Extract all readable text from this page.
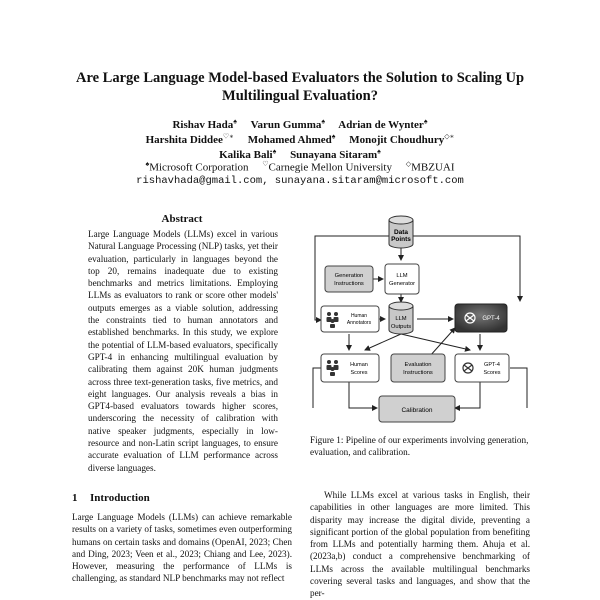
Are Large Language Model-based Evaluators the Solution to Scaling Up
Multilingual Evaluation?
Rishav Hada♠ Varun Gumma♠ Adrian de Wynter♠
Harshita Diddee♡∗ Mohamed Ahmed♠ Monojit Choudhury◇∗
Kalika Bali♠ Sunayana Sitaram♠
♠Microsoft Corporation ♡Carnegie Mellon University ◇MBZUAI
rishavhada@gmail.com, sunayana.sitaram@microsoft.com
Abstract
Large Language Models (LLMs) excel in various Natural Language Processing (NLP) tasks, yet their evaluation, particularly in languages beyond the top 20, remains inadequate due to existing benchmarks and metrics limitations. Employing LLMs as evaluators to rank or score other models' outputs emerges as a viable solution, addressing the constraints tied to human annotators and established benchmarks. In this study, we explore the potential of LLM-based evaluators, specifically GPT-4 in enhancing multilingual evaluation by calibrating them against 20K human judgments across three text-generation tasks, five metrics, and eight languages. Our analysis reveals a bias in GPT4-based evaluators towards higher scores, underscoring the necessity of calibration with native speaker judgments, especially in low-resource and non-Latin script languages, to ensure accurate evaluation of LLM performance across diverse languages.
1 Introduction
Large Language Models (LLMs) can achieve remarkable results on a variety of tasks, sometimes even outperforming humans on certain tasks and domains (OpenAI, 2023; Chen and Ding, 2023; Veen et al., 2023; Chiang and Lee, 2023). However, measuring the performance of LLMs is challenging, as standard NLP benchmarks may not reflect
Data
Points
Generation
Instructions
LLM
Generator
Human
Annotators
LLM
Outputs
GPT-4
Human
Scores
Evaluation
Instructions
GPT-4
Scores
Calibration
Figure 1: Pipeline of our experiments involving generation, evaluation, and calibration.
While LLMs excel at various tasks in English, their capabilities in other languages are more limited. This disparity may increase the digital divide, preventing a significant portion of the global population from benefiting from LLMs and potentially harming them. Ahuja et al. (2023a,b) conduct a comprehensive benchmarking of LLMs across the available multilingual benchmarks covering several tasks and languages, and show that the per-
